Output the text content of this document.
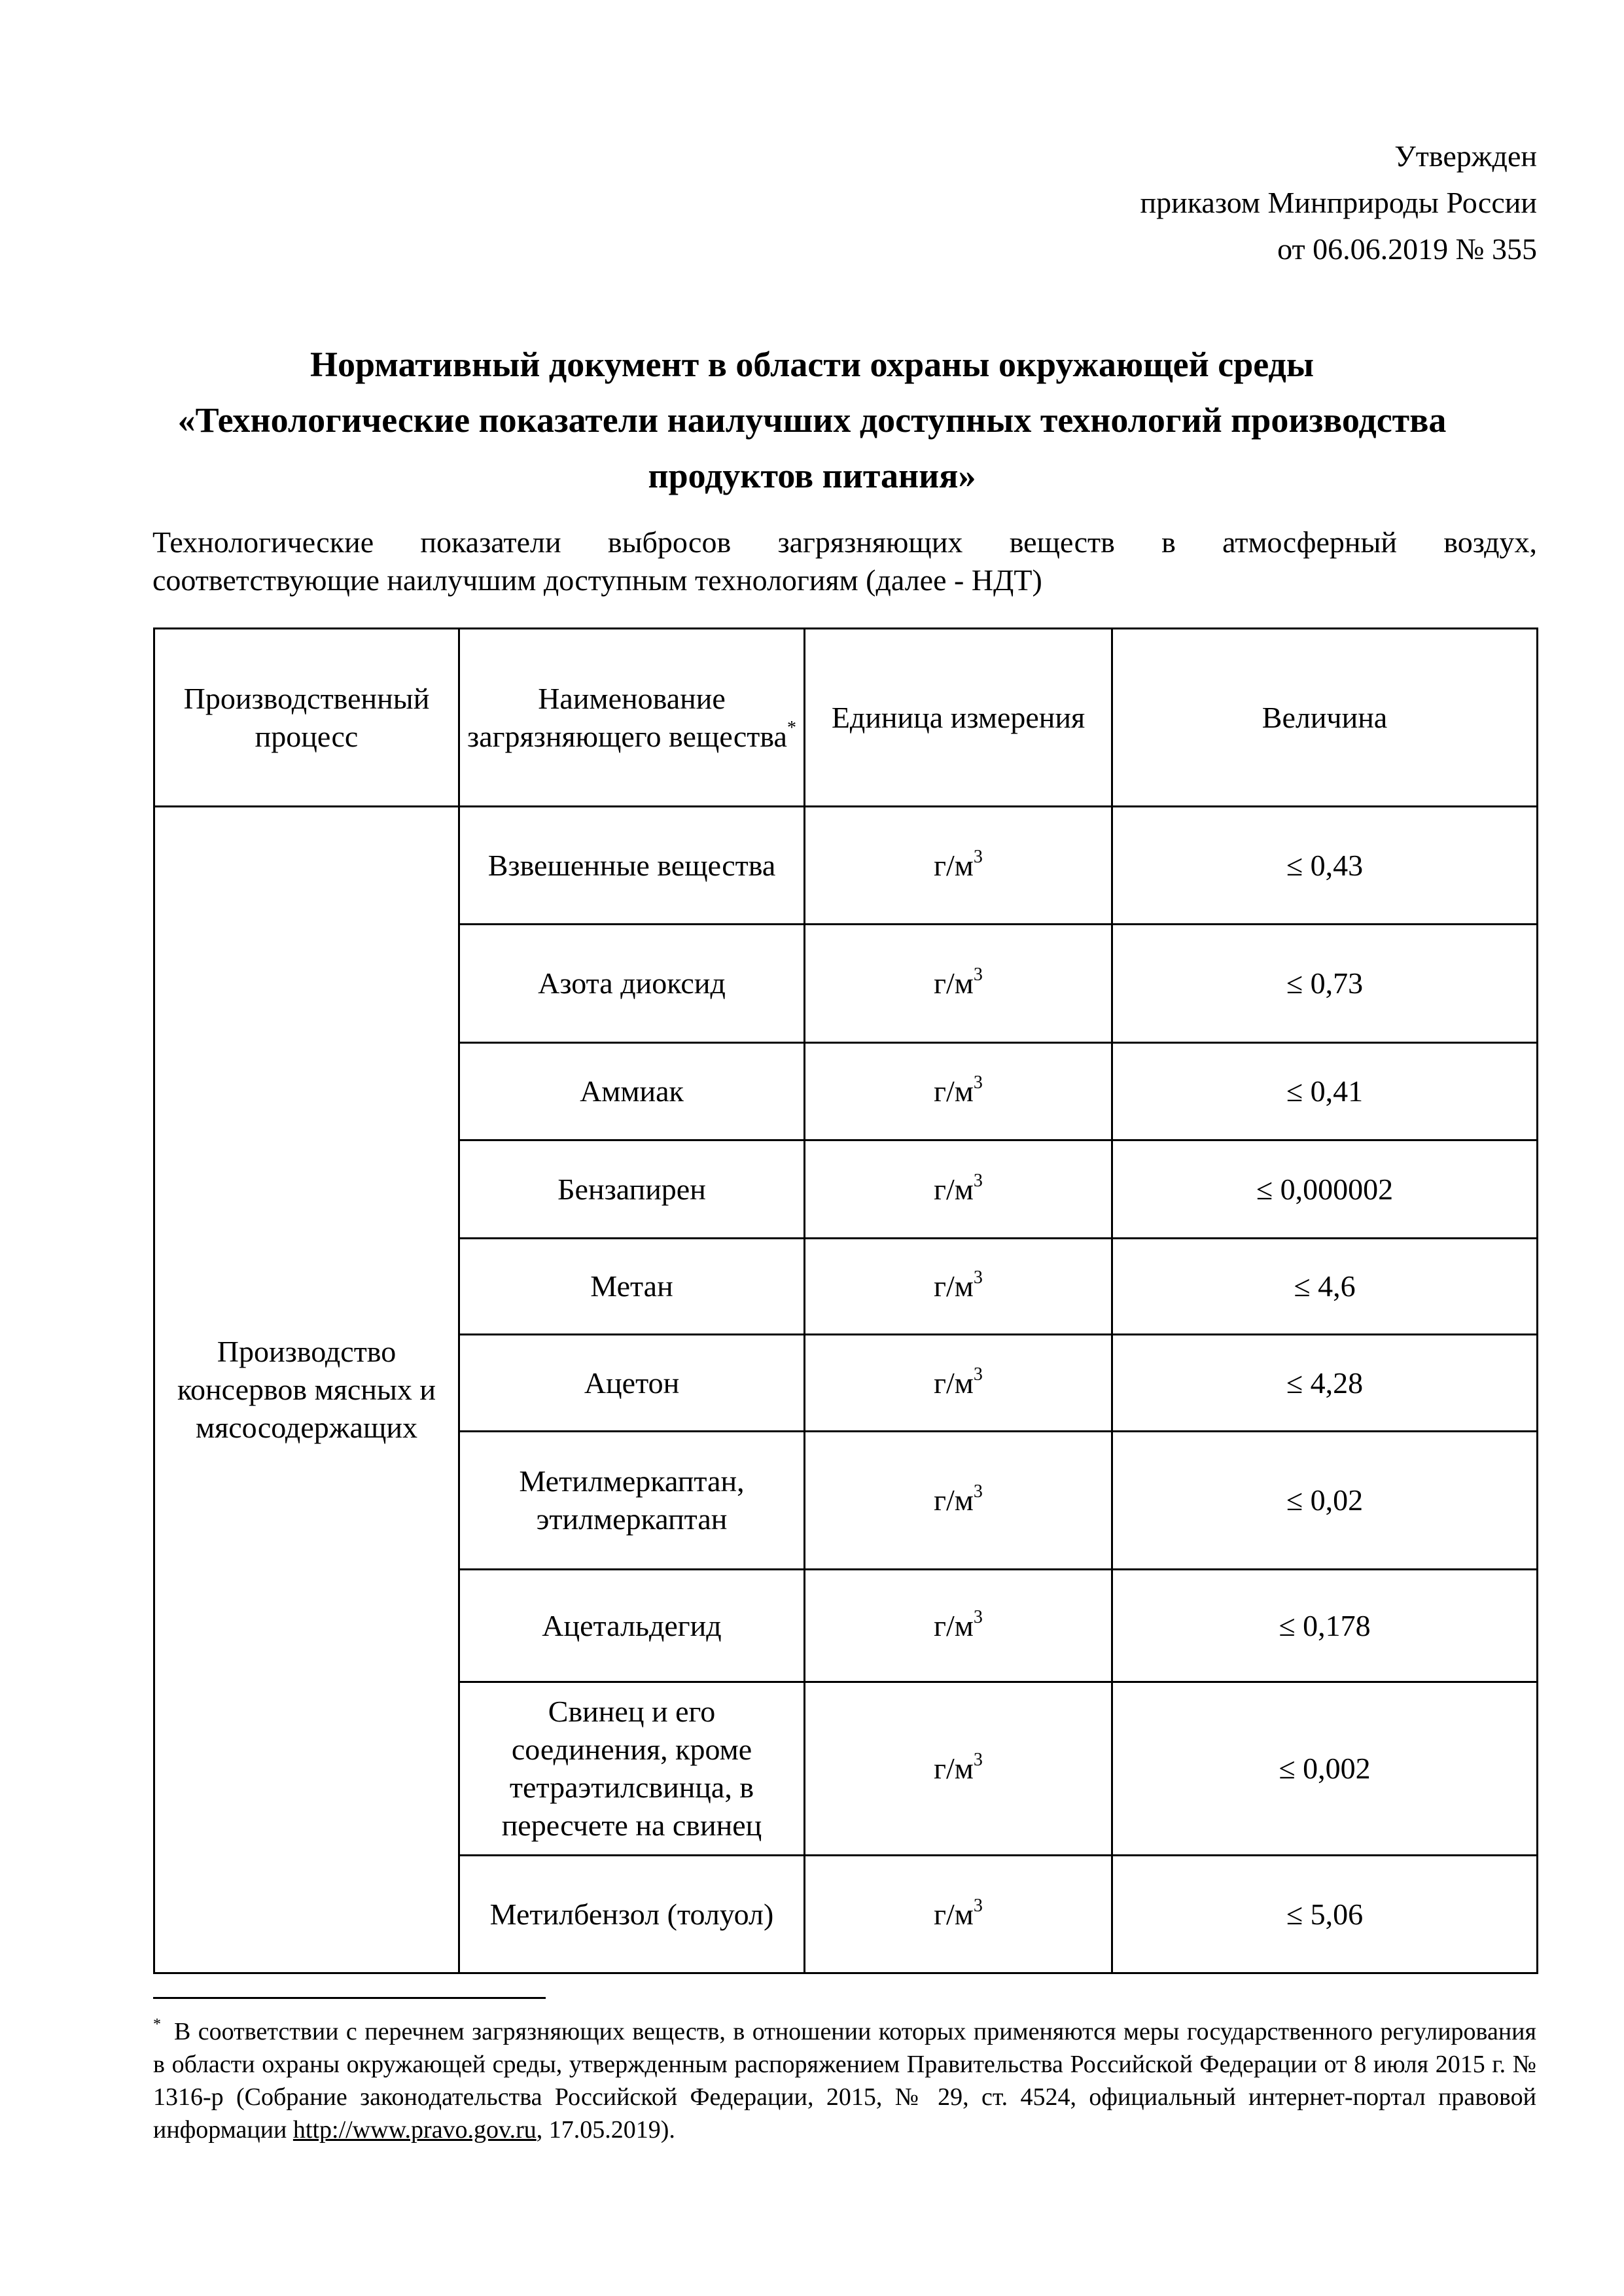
Утвержден
приказом Минприроды России
от 06.06.2019 № 355
Нормативный документ в области охраны окружающей среды
«Технологические показатели наилучших доступных технологий производства
продуктов питания»
Технологические показатели выбросов загрязняющих веществ в атмосферный воздух,
соответствующие наилучшим доступным технологиям (далее - НДТ)
Производственный процесс	Наименование загрязняющего вещества*	Единица измерения	Величина
Производство консервов мясных и мясосодержащих	Взвешенные вещества	$г/м^3$	≤ 0,43
	Азота диоксид	$г/м^3$	≤ 0,73
	Аммиак	$г/м^3$	≤ 0,41
	Бензапирен	$г/м^3$	≤ 0,000002
	Метан	$г/м^3$	≤ 4,6
	Ацетон	$г/м^3$	≤ 4,28
	Метилмеркаптан, этилмеркаптан	$г/м^3$	≤ 0,02
	Ацетальдегид	$г/м^3$	≤ 0,178
	Свинец и его соединения, кроме тетраэтилсвинца, в пересчете на свинец	$г/м^3$	≤ 0,002
	Метилбензол (толуол)	$г/м^3$	≤ 5,06
* В соответствии с перечнем загрязняющих веществ, в отношении которых применяются меры государственного регулирования в области охраны окружающей среды, утвержденным распоряжением Правительства Российской Федерации от 8 июля 2015 г. № 1316-р (Собрание законодательства Российской Федерации, 2015, № 29, ст. 4524, официальный интернет-портал правовой информации http://www.pravo.gov.ru, 17.05.2019).
